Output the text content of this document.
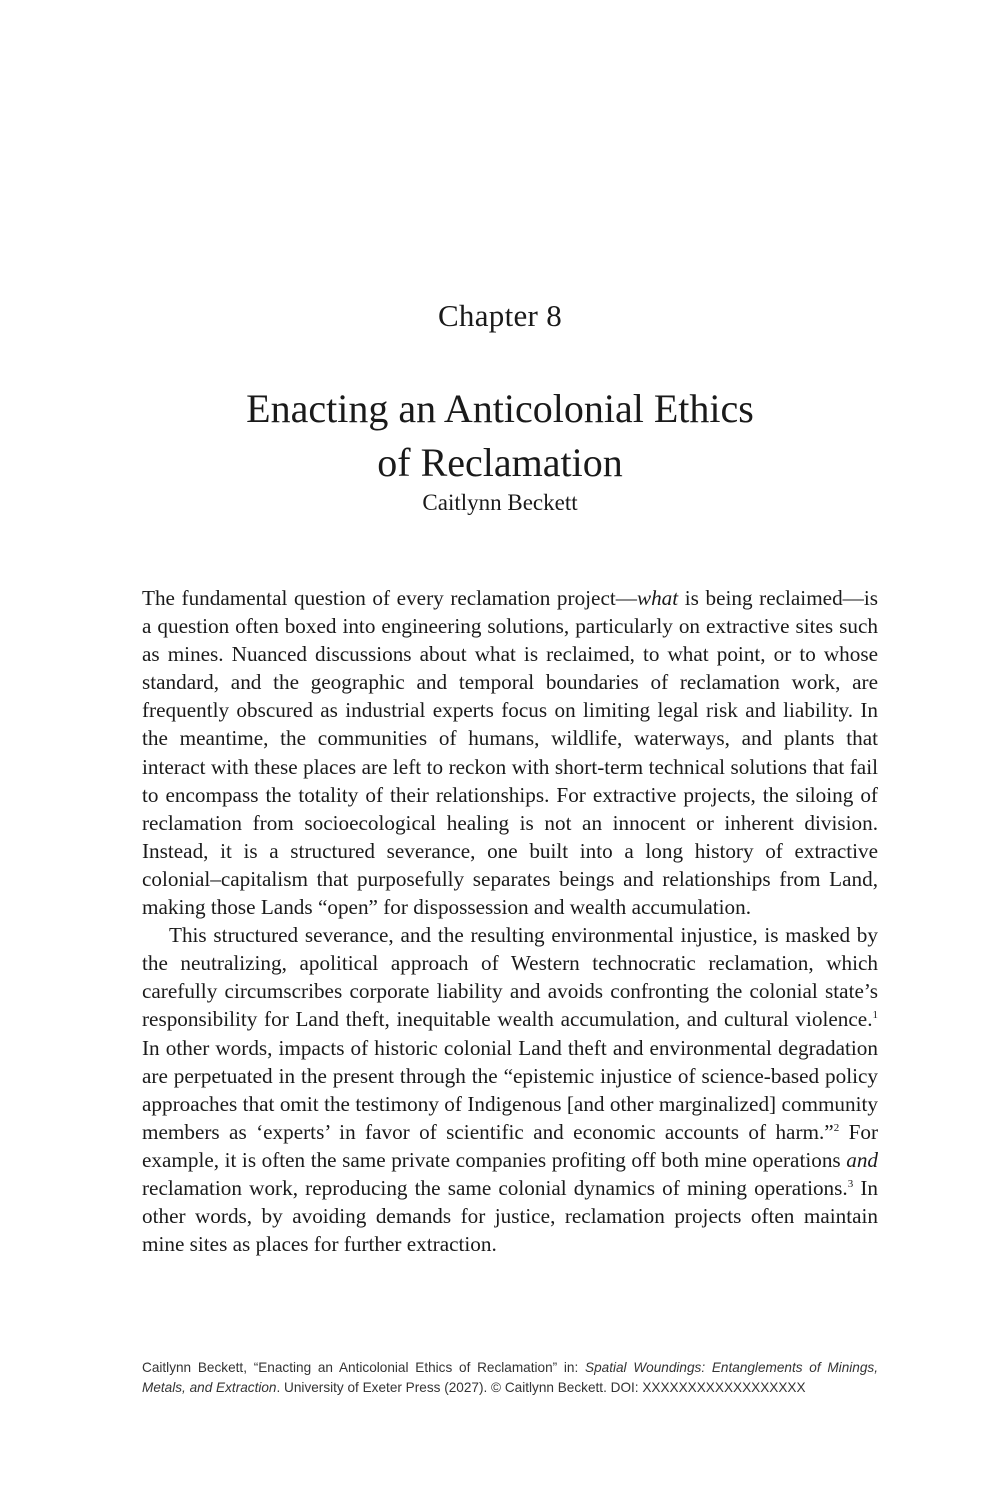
Chapter 8
Enacting an Anticolonial Ethics
of Reclamation
Caitlynn Beckett

The fundamental question of every reclamation project—what is being reclaimed—is a question often boxed into engineering solutions, particularly on extractive sites such as mines. Nuanced discussions about what is reclaimed, to what point, or to whose standard, and the geographic and temporal boundaries of reclamation work, are frequently obscured as industrial experts focus on limiting legal risk and liability. In the meantime, the communities of humans, wildlife, waterways, and plants that interact with these places are left to reckon with short-term technical solutions that fail to encompass the totality of their relationships. For extractive projects, the siloing of reclamation from socioecological healing is not an innocent or inherent division. Instead, it is a structured severance, one built into a long history of extractive colonial–capitalism that purposefully separates beings and relationships from Land, making those Lands “open” for dispossession and wealth accumulation.

This structured severance, and the resulting environmental injustice, is masked by the neutralizing, apolitical approach of Western technocratic reclamation, which carefully circumscribes corporate liability and avoids confronting the colonial state’s responsibility for Land theft, inequitable wealth accumulation, and cultural violence.$^1$ In other words, impacts of historic colonial Land theft and environmental degradation are perpetuated in the present through the “epistemic injustice of science-based policy approaches that omit the testimony of Indigenous [and other marginalized] community members as ‘experts’ in favor of scientific and economic accounts of harm.”$^2$ For example, it is often the same private companies profiting off both mine operations and reclamation work, reproducing the same colonial dynamics of mining operations.$^3$ In other words, by avoiding demands for justice, reclamation projects often maintain mine sites as places for further extraction.

Caitlynn Beckett, “Enacting an Anticolonial Ethics of Reclamation” in: Spatial Woundings: Entanglements of Minings, Metals, and Extraction. University of Exeter Press (2027). © Caitlynn Beckett. DOI: XXXXXXXXXXXXXXXXXX
